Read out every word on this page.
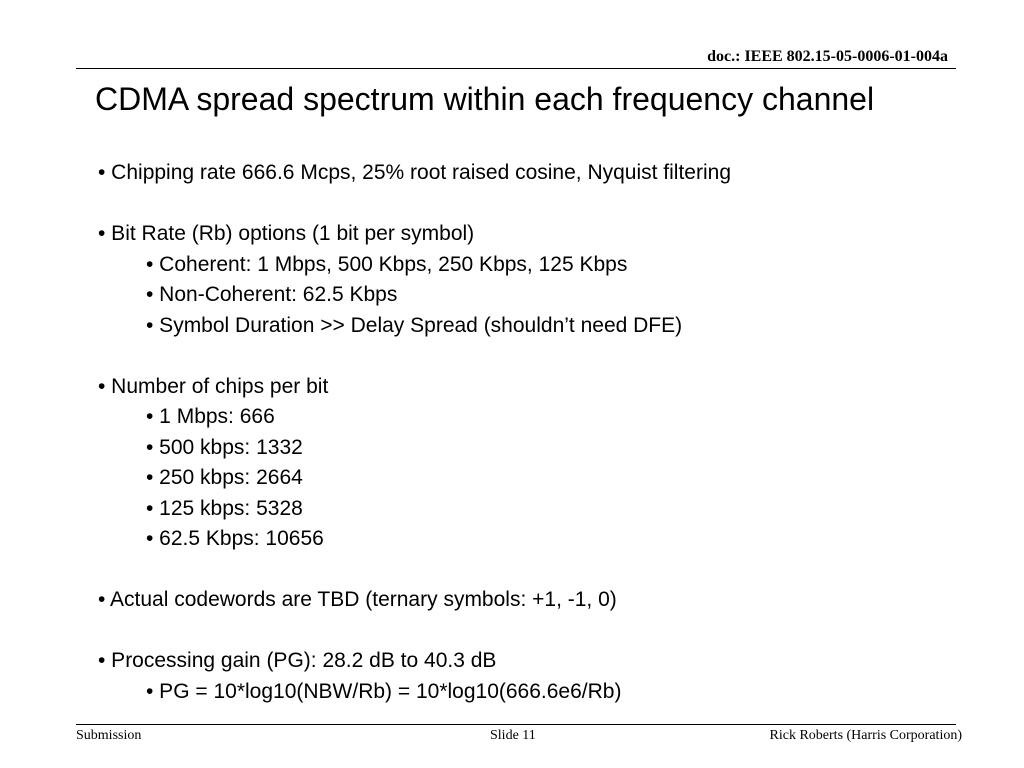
doc.: IEEE 802.15-05-0006-01-004a
CDMA spread spectrum within each frequency channel
• Chipping rate 666.6 Mcps, 25% root raised cosine, Nyquist filtering
• Bit Rate (Rb) options (1 bit per symbol)
• Coherent: 1 Mbps, 500 Kbps, 250 Kbps, 125 Kbps
• Non-Coherent: 62.5 Kbps
• Symbol Duration >> Delay Spread (shouldn’t need DFE)
• Number of chips per bit
• 1 Mbps: 666
• 500 kbps: 1332
• 250 kbps: 2664
• 125 kbps: 5328
• 62.5 Kbps: 10656
• Actual codewords are TBD (ternary symbols: +1, -1, 0)
• Processing gain (PG): 28.2 dB to 40.3 dB
• PG = 10*log10(NBW/Rb) = 10*log10(666.6e6/Rb)
Submission	Slide 11	Rick Roberts (Harris Corporation)
